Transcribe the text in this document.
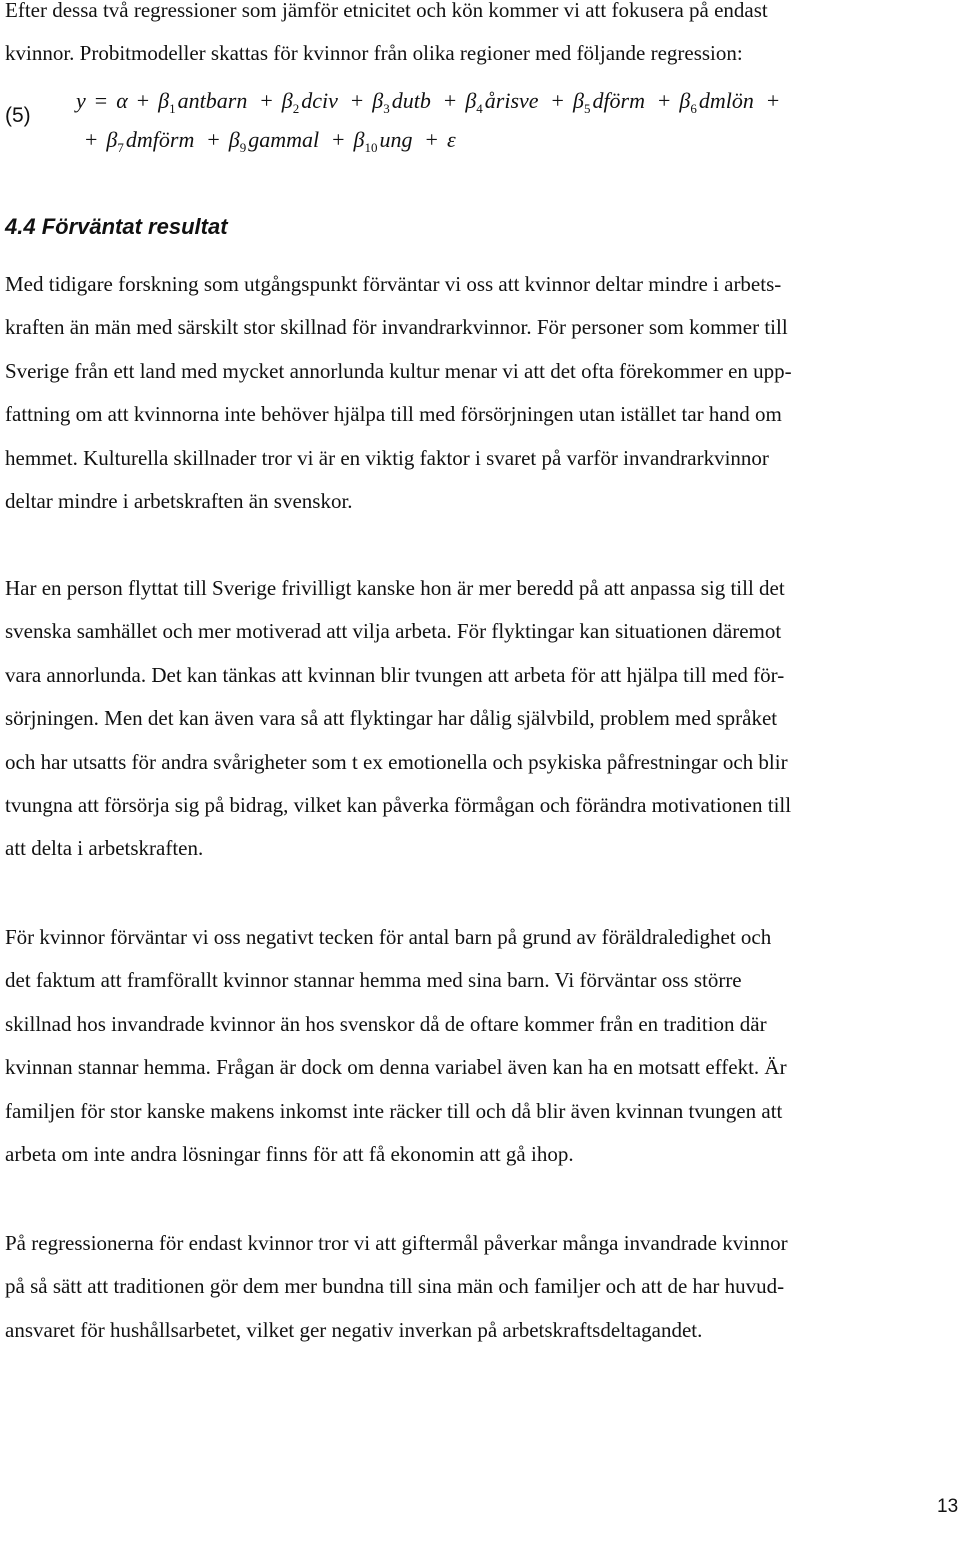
Efter dessa två regressioner som jämför etnicitet och kön kommer vi att fokusera på endast
kvinnor. Probitmodeller skattas för kvinnor från olika regioner med följande regression:

(5)
$y = \alpha + \beta_1antbarn$ + $\beta_2dciv$ + $\beta_3dutb$ + $\beta_4årisve$ + $\beta_5dförm$ + $\beta_6dmlön$ +
+ $\beta_7dmförm$ + $\beta_9gammal + \beta_{10}ung + \varepsilon$
4.4 Förväntat resultat

Med tidigare forskning som utgångspunkt förväntar vi oss att kvinnor deltar mindre i arbets-
kraften än män med särskilt stor skillnad för invandrarkvinnor. För personer som kommer till
Sverige från ett land med mycket annorlunda kultur menar vi att det ofta förekommer en upp-
fattning om att kvinnorna inte behöver hjälpa till med försörjningen utan istället tar hand om
hemmet. Kulturella skillnader tror vi är en viktig faktor i svaret på varför invandrarkvinnor
deltar mindre i arbetskraften än svenskor.

Har en person flyttat till Sverige frivilligt kanske hon är mer beredd på att anpassa sig till det
svenska samhället och mer motiverad att vilja arbeta. För flyktingar kan situationen däremot
vara annorlunda. Det kan tänkas att kvinnan blir tvungen att arbeta för att hjälpa till med för-
sörjningen. Men det kan även vara så att flyktingar har dålig självbild, problem med språket
och har utsatts för andra svårigheter som t ex emotionella och psykiska påfrestningar och blir
tvungna att försörja sig på bidrag, vilket kan påverka förmågan och förändra motivationen till
att delta i arbetskraften.

För kvinnor förväntar vi oss negativt tecken för antal barn på grund av föräldraledighet och
det faktum att framförallt kvinnor stannar hemma med sina barn. Vi förväntar oss större
skillnad hos invandrade kvinnor än hos svenskor då de oftare kommer från en tradition där
kvinnan stannar hemma. Frågan är dock om denna variabel även kan ha en motsatt effekt. Är
familjen för stor kanske makens inkomst inte räcker till och då blir även kvinnan tvungen att
arbeta om inte andra lösningar finns för att få ekonomin att gå ihop.

På regressionerna för endast kvinnor tror vi att giftermål påverkar många invandrade kvinnor
på så sätt att traditionen gör dem mer bundna till sina män och familjer och att de har huvud-
ansvaret för hushållsarbetet, vilket ger negativ inverkan på arbetskraftsdeltagandet.

13
